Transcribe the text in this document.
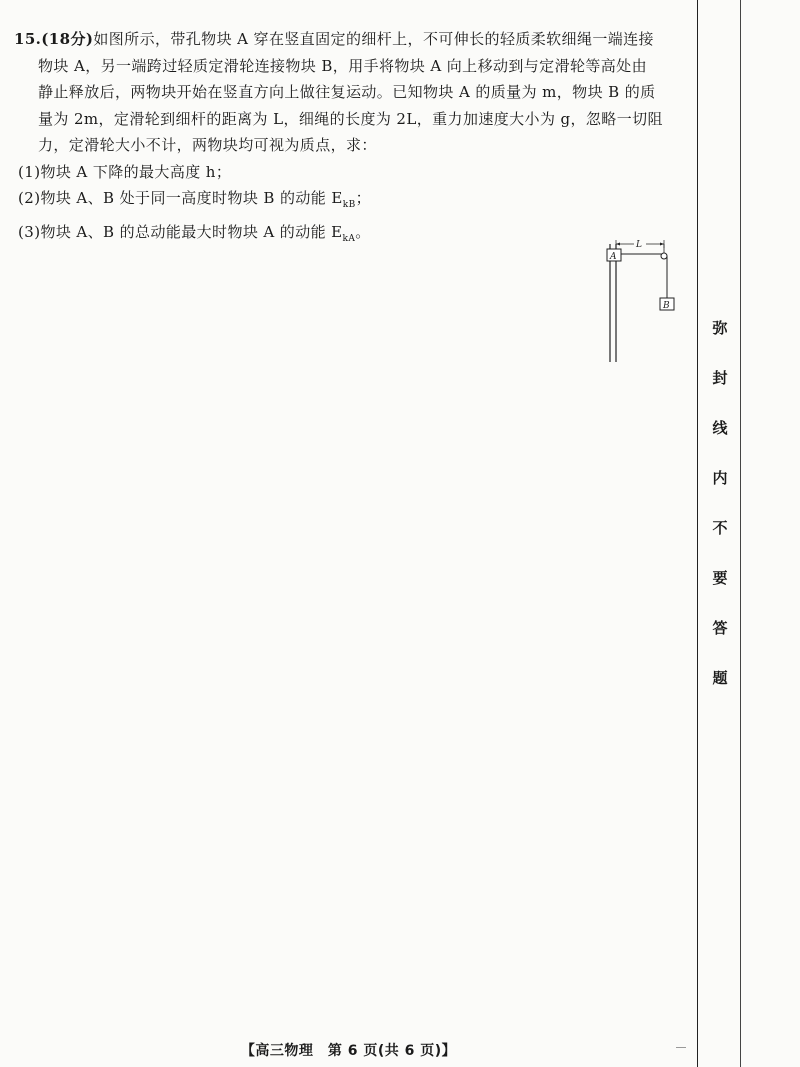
15.(18分)如图所示，带孔物块 A 穿在竖直固定的细杆上，不可伸长的轻质柔软细绳一端连接
物块 A，另一端跨过轻质定滑轮连接物块 B，用手将物块 A 向上移动到与定滑轮等高处由
静止释放后，两物块开始在竖直方向上做往复运动。已知物块 A 的质量为 m，物块 B 的质
量为 2m，定滑轮到细杆的距离为 L，细绳的长度为 2L，重力加速度大小为 g，忽略一切阻
力，定滑轮大小不计，两物块均可视为质点，求：
(1)物块 A 下降的最大高度 h；
(2)物块 A、B 处于同一高度时物块 B 的动能 $E_{kB}$；
(3)物块 A、B 的总动能最大时物块 A 的动能 $E_{kA}$。
A
B
L
弥
封
线
内
不
要
答
题
【高三物理　第 6 页(共 6 页)】
